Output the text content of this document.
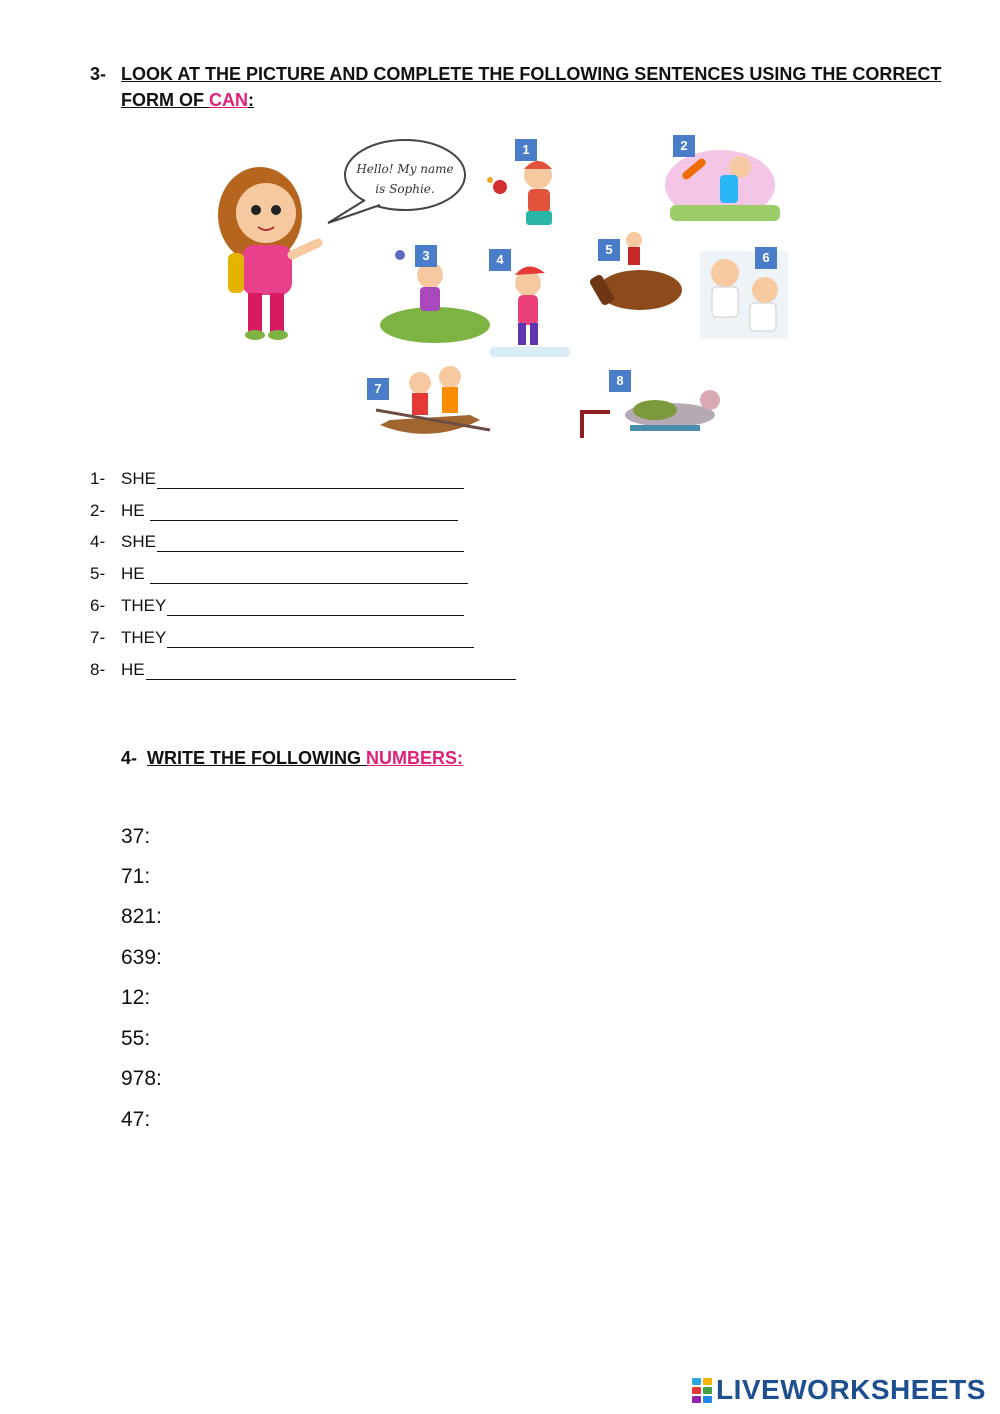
3- LOOK AT THE PICTURE AND COMPLETE THE FOLLOWING SENTENCES USING THE CORRECT FORM OF CAN:
Hello! My name
is Sophie.
1	2
3	4
5
6
7
8
1- SHE
2- HE
4- SHE
5- HE
6- THEY
7- THEY
8- HE
4- WRITE THE FOLLOWING NUMBERS:
37:
71:
821:
639:
12:
55:
978:
47:
LIVEWORKSHEETS
